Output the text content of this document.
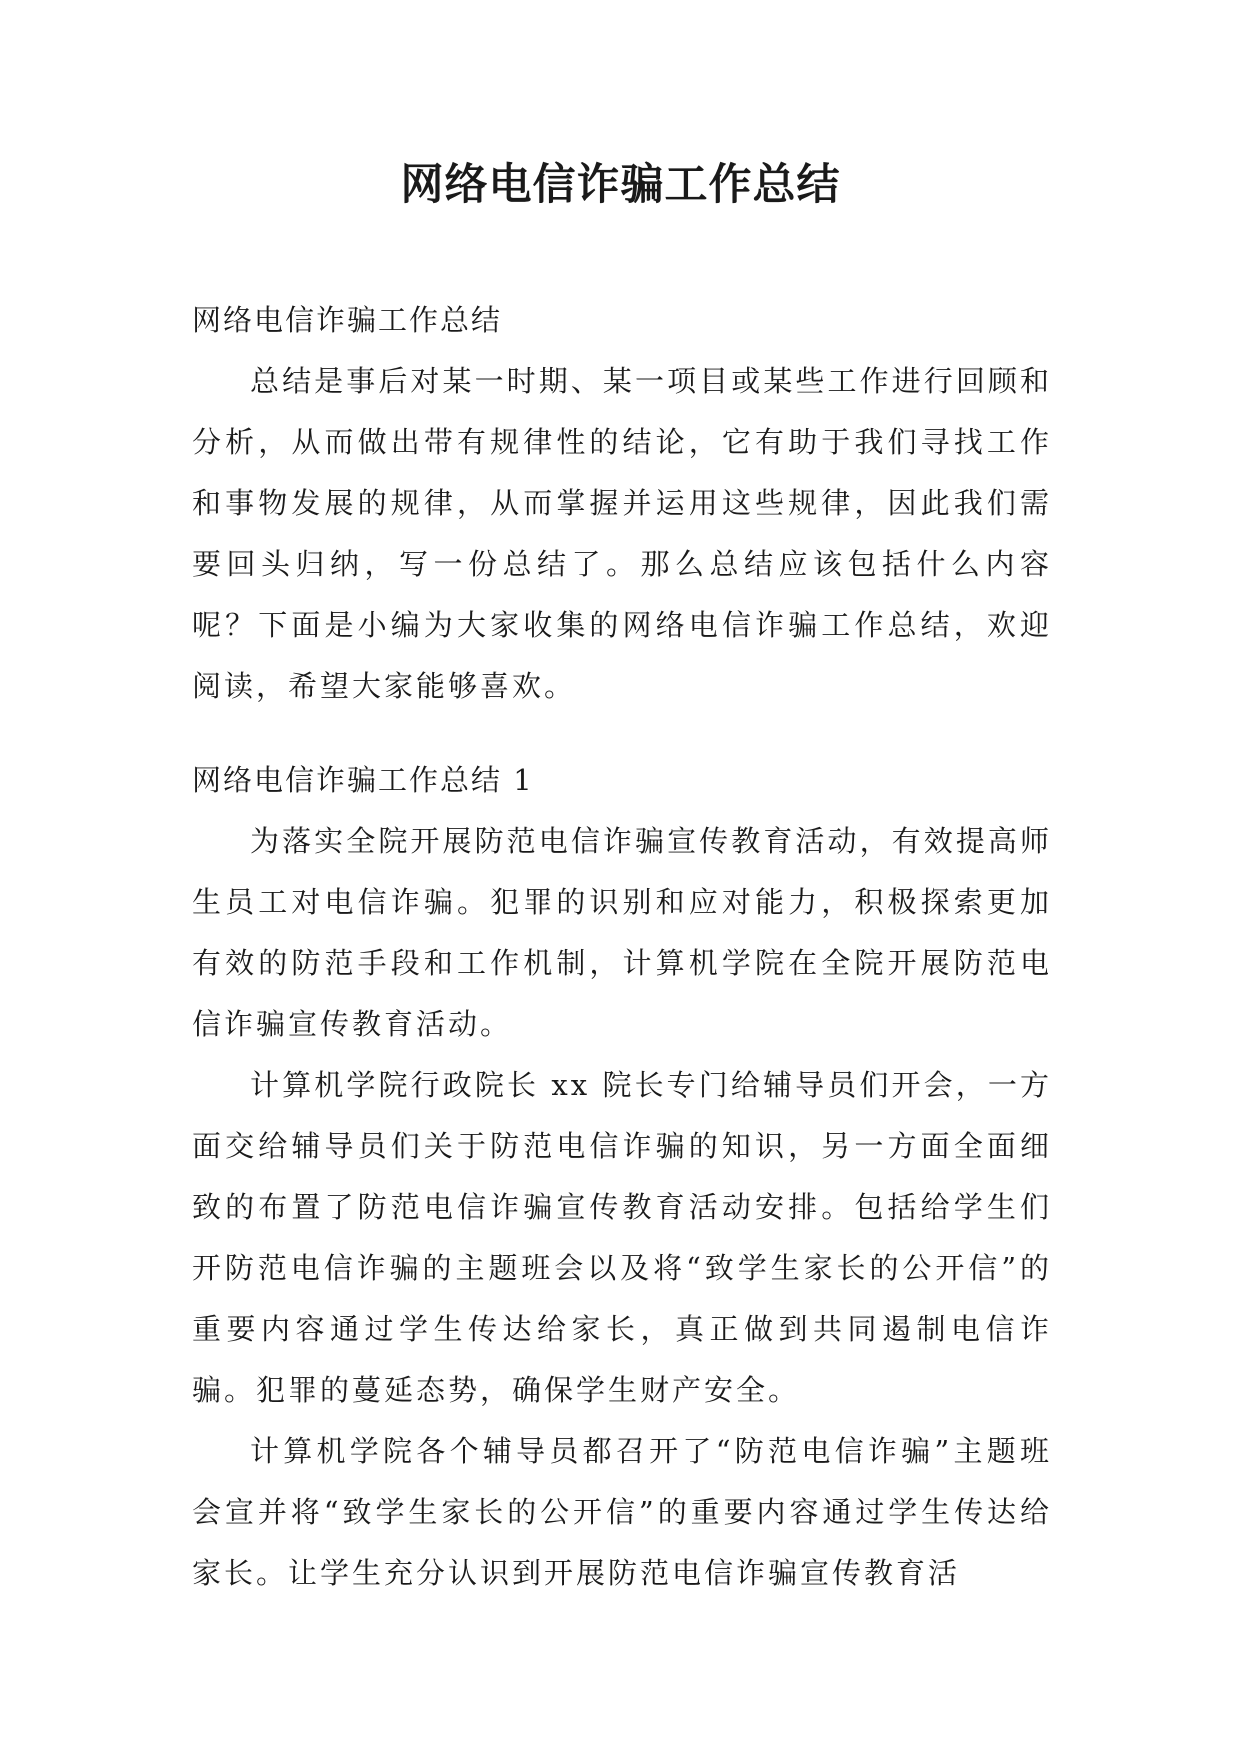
网络电信诈骗工作总结
网络电信诈骗工作总结

总结是事后对某一时期、某一项目或某些工作进行回顾和分析，从而做出带有规律性的结论，它有助于我们寻找工作和事物发展的规律，从而掌握并运用这些规律，因此我们需要回头归纳，写一份总结了。那么总结应该包括什么内容呢？下面是小编为大家收集的网络电信诈骗工作总结，欢迎阅读，希望大家能够喜欢。

网络电信诈骗工作总结 1

为落实全院开展防范电信诈骗宣传教育活动，有效提高师生员工对电信诈骗。犯罪的识别和应对能力，积极探索更加有效的防范手段和工作机制，计算机学院在全院开展防范电信诈骗宣传教育活动。

计算机学院行政院长 xx 院长专门给辅导员们开会，一方面交给辅导员们关于防范电信诈骗的知识，另一方面全面细致的布置了防范电信诈骗宣传教育活动安排。包括给学生们开防范电信诈骗的主题班会以及将“致学生家长的公开信”的重要内容通过学生传达给家长，真正做到共同遏制电信诈骗。犯罪的蔓延态势，确保学生财产安全。

计算机学院各个辅导员都召开了“防范电信诈骗”主题班会宣并将“致学生家长的公开信”的重要内容通过学生传达给家长。让学生充分认识到开展防范电信诈骗宣传教育活
